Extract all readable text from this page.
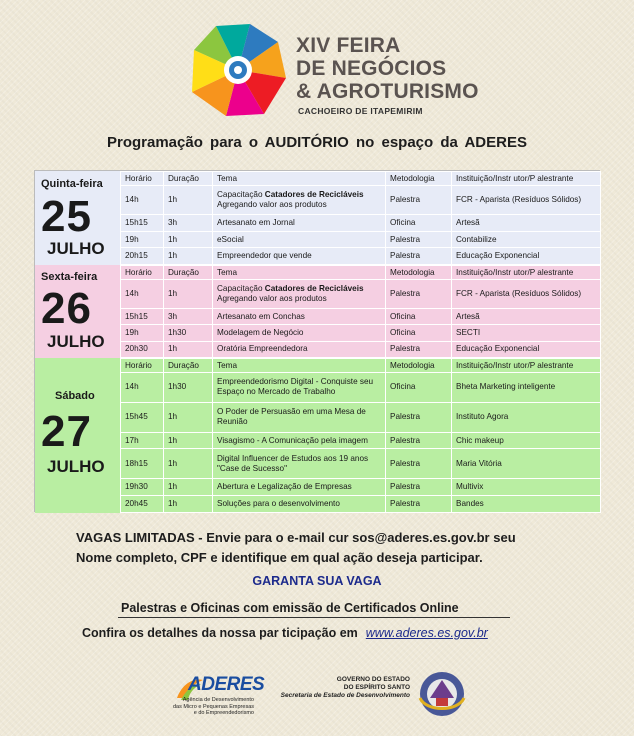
XIV FEIRA
DE NEGÓCIOS
& AGROTURISMO
CACHOEIRO DE ITAPEMIRIM
Programação para o AUDITÓRIO no espaço da ADERES
Quinta-feira
25
JULHO
Horário	Duração	Tema	Metodologia	Instituição/Instr utor/P alestrante
14h	1h	Capacitação Catadores de Recicláveis Agregando valor aos produtos	Palestra	FCR - Aparista (Resíduos Sólidos)
15h15	3h	Artesanato em Jornal	Oficina	Artesã
19h	1h	eSocial	Palestra	Contabilize
20h15	1h	Empreendedor que vende	Palestra	Educação Exponencial
Sexta-feira
26
JULHO
Horário	Duração	Tema	Metodologia	Instituição/Instr utor/P alestrante
14h	1h	Capacitação Catadores de Recicláveis Agregando valor aos produtos	Palestra	FCR - Aparista (Resíduos Sólidos)
15h15	3h	Artesanato em Conchas	Oficina	Artesã
19h	1h30	Modelagem de Negócio	Oficina	SECTI
20h30	1h	Oratória Empreendedora	Palestra	Educação Exponencial
Sábado
27
JULHO
Horário	Duração	Tema	Metodologia	Instituição/Instr utor/P alestrante
14h	1h30	Empreendedorismo Digital - Conquiste seu Espaço no Mercado de Trabalho	Oficina	Bheta Marketing inteligente
15h45	1h	O Poder de Persuasão em uma Mesa de Reunião	Palestra	Instituto Agora
17h	1h	Visagismo - A Comunicação pela imagem	Palestra	Chic makeup
18h15	1h	Digital Influencer de Estudos aos 19 anos "Case de Sucesso"	Palestra	Maria Vitória
19h30	1h	Abertura e Legalização de Empresas	Palestra	Multivix
20h45	1h	Soluções para o desenvolvimento	Palestra	Bandes
VAGAS LIMITADAS - Envie para o e-mail cur sos@aderes.es.gov.br seu
Nome completo, CPF e identifique em qual ação deseja participar.
GARANTA SUA VAGA
Palestras e Oficinas com emissão de Certificados Online
Confira os detalhes da nossa par ticipação em www.aderes.es.gov.br
ADERES
Agência de Desenvolvimento
das Micro e Pequenas Empresas
e do Empreendedorismo
GOVERNO DO ESTADO
DO ESPÍRITO SANTO
Secretaria de Estado de Desenvolvimento
